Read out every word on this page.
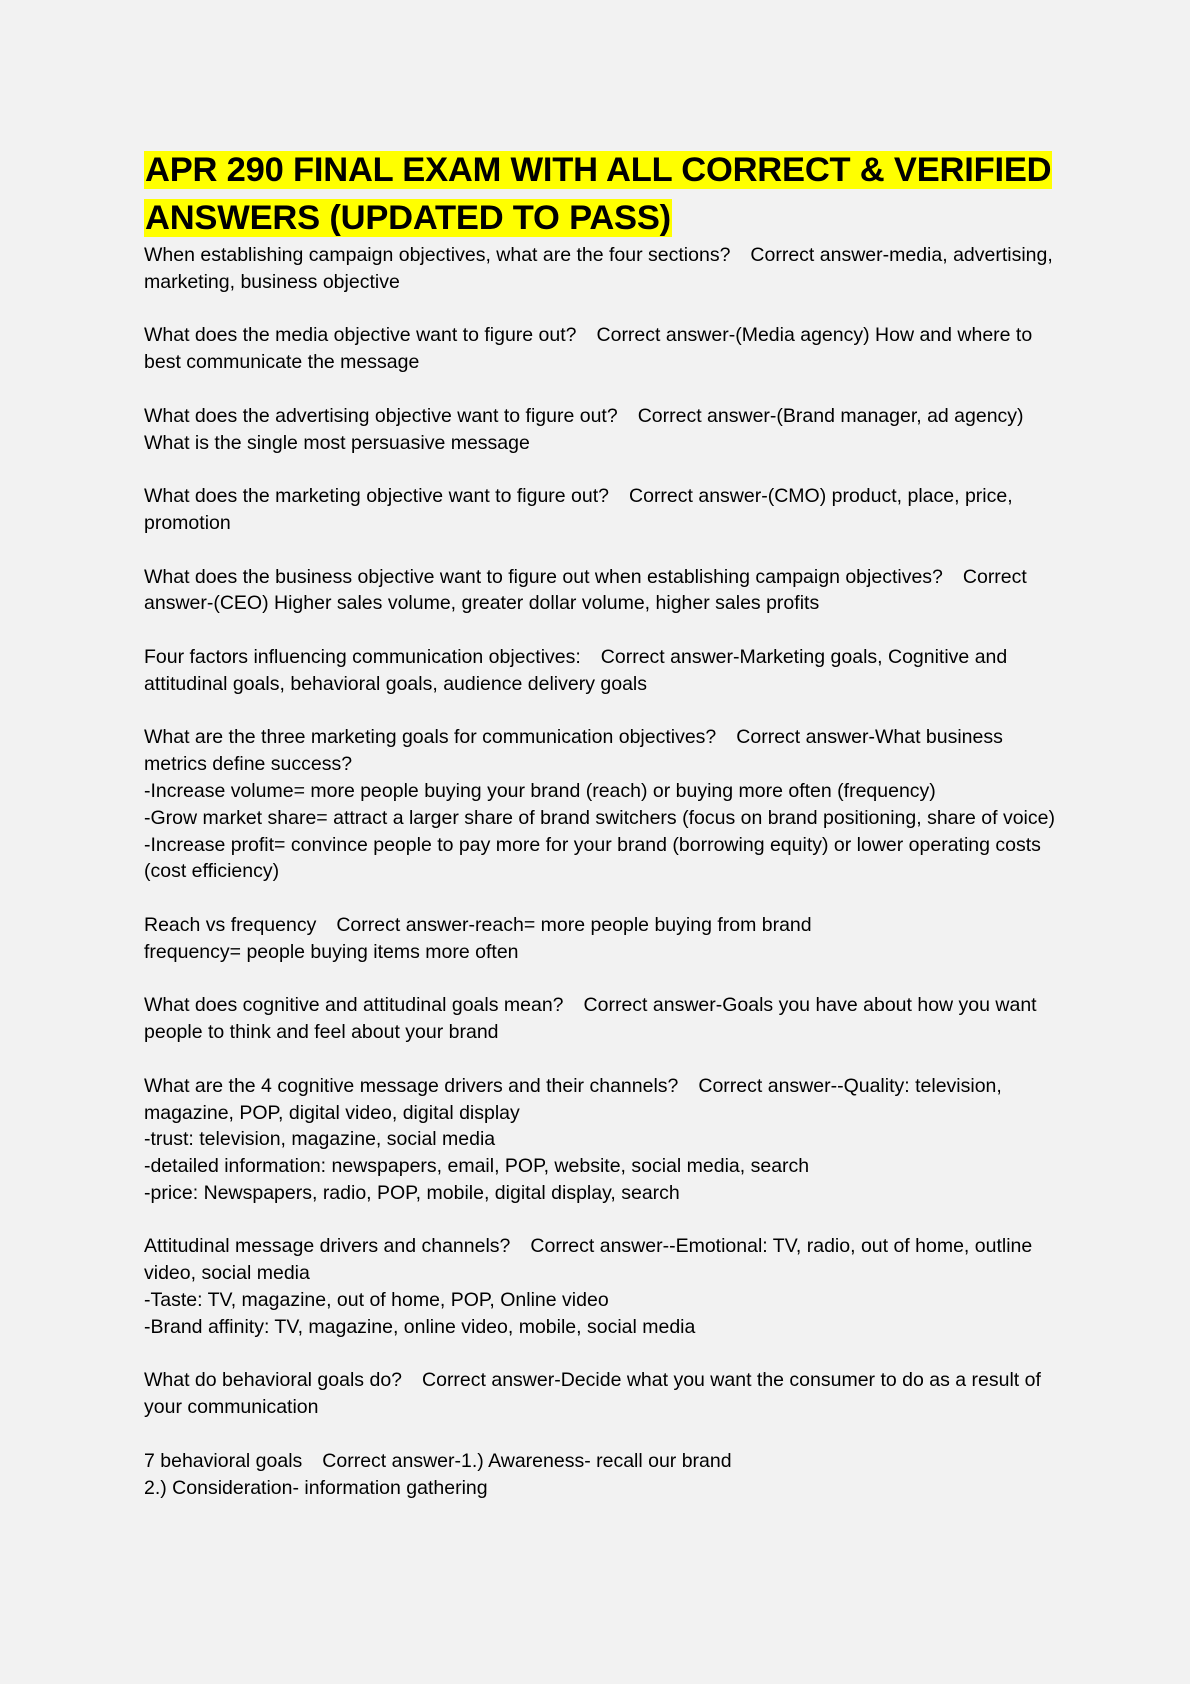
APR 290 FINAL EXAM WITH ALL CORRECT & VERIFIED
ANSWERS (UPDATED TO PASS)
When establishing campaign objectives, what are the four sections? Correct answer-media, advertising, marketing, business objective
What does the media objective want to figure out? Correct answer-(Media agency) How and where to best communicate the message
What does the advertising objective want to figure out? Correct answer-(Brand manager, ad agency) What is the single most persuasive message
What does the marketing objective want to figure out? Correct answer-(CMO) product, place, price, promotion
What does the business objective want to figure out when establishing campaign objectives? Correct answer-(CEO) Higher sales volume, greater dollar volume, higher sales profits
Four factors influencing communication objectives: Correct answer-Marketing goals, Cognitive and attitudinal goals, behavioral goals, audience delivery goals
What are the three marketing goals for communication objectives? Correct answer-What business metrics define success?
-Increase volume= more people buying your brand (reach) or buying more often (frequency)
-Grow market share= attract a larger share of brand switchers (focus on brand positioning, share of voice)
-Increase profit= convince people to pay more for your brand (borrowing equity) or lower operating costs (cost efficiency)
Reach vs frequency Correct answer-reach= more people buying from brand
frequency= people buying items more often
What does cognitive and attitudinal goals mean? Correct answer-Goals you have about how you want people to think and feel about your brand
What are the 4 cognitive message drivers and their channels? Correct answer--Quality: television, magazine, POP, digital video, digital display
-trust: television, magazine, social media
-detailed information: newspapers, email, POP, website, social media, search
-price: Newspapers, radio, POP, mobile, digital display, search
Attitudinal message drivers and channels? Correct answer--Emotional: TV, radio, out of home, outline video, social media
-Taste: TV, magazine, out of home, POP, Online video
-Brand affinity: TV, magazine, online video, mobile, social media
What do behavioral goals do? Correct answer-Decide what you want the consumer to do as a result of your communication
7 behavioral goals Correct answer-1.) Awareness- recall our brand
2.) Consideration- information gathering
